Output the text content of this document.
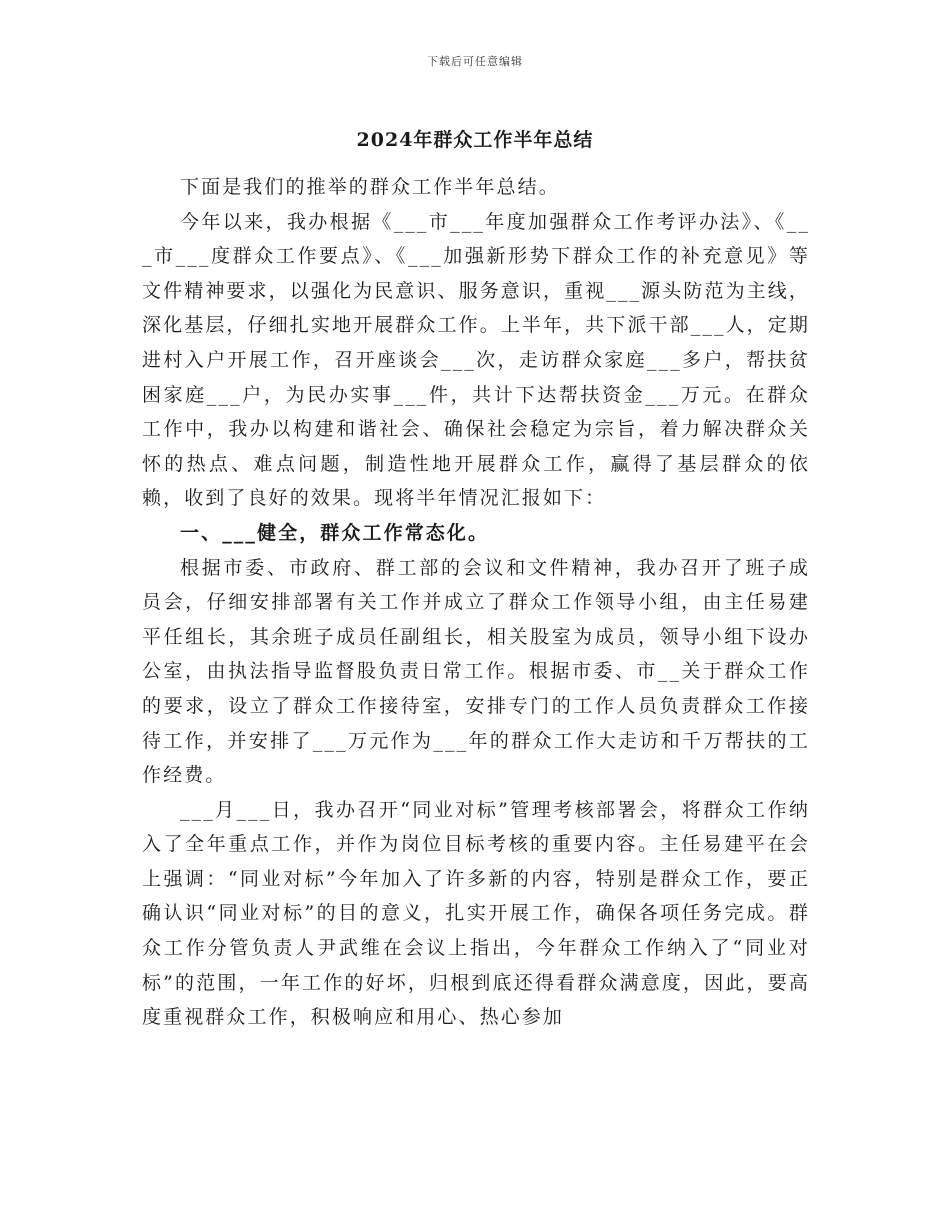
下载后可任意编辑
2024年群众工作半年总结

下面是我们的推举的群众工作半年总结。

今年以来，我办根据《___市___年度加强群众工作考评办法》、《___市___度群众工作要点》、《___加强新形势下群众工作的补充意见》等文件精神要求，以强化为民意识、服务意识，重视___源头防范为主线，深化基层，仔细扎实地开展群众工作。上半年，共下派干部___人，定期进村入户开展工作，召开座谈会___次，走访群众家庭___多户，帮扶贫困家庭___户，为民办实事___件，共计下达帮扶资金___万元。在群众工作中，我办以构建和谐社会、确保社会稳定为宗旨，着力解决群众关怀的热点、难点问题，制造性地开展群众工作，赢得了基层群众的依赖，收到了良好的效果。现将半年情况汇报如下：

一、___健全，群众工作常态化。

根据市委、市政府、群工部的会议和文件精神，我办召开了班子成员会，仔细安排部署有关工作并成立了群众工作领导小组，由主任易建平任组长，其余班子成员任副组长，相关股室为成员，领导小组下设办公室，由执法指导监督股负责日常工作。根据市委、市__关于群众工作的要求，设立了群众工作接待室，安排专门的工作人员负责群众工作接待工作，并安排了___万元作为___年的群众工作大走访和千万帮扶的工作经费。

___月___日，我办召开“同业对标”管理考核部署会，将群众工作纳入了全年重点工作，并作为岗位目标考核的重要内容。主任易建平在会上强调：“同业对标”今年加入了许多新的内容，特别是群众工作，要正确认识“同业对标”的目的意义，扎实开展工作，确保各项任务完成。群众工作分管负责人尹武维在会议上指出，今年群众工作纳入了“同业对标”的范围，一年工作的好坏，归根到底还得看群众满意度，因此，要高度重视群众工作，积极响应和用心、热心参加
